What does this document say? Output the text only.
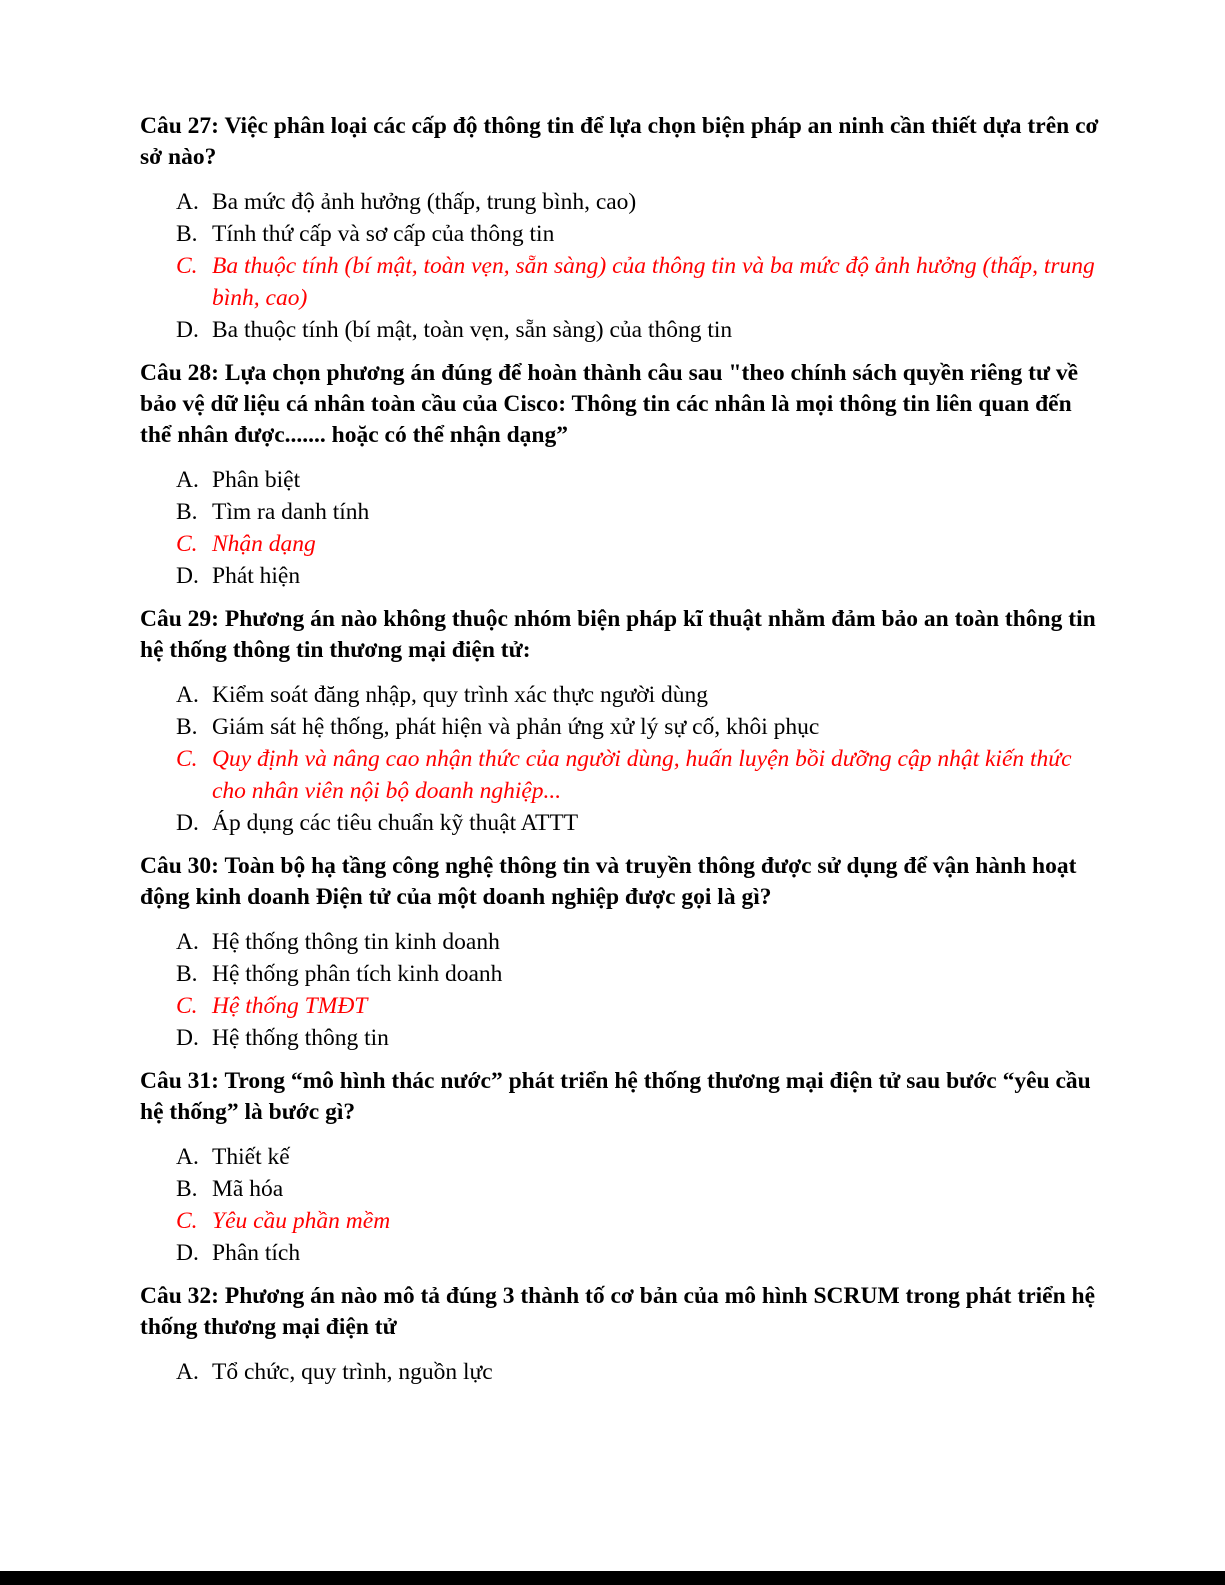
Câu 27: Việc phân loại các cấp độ thông tin để lựa chọn biện pháp an ninh cần thiết dựa trên cơ sở nào?

A. Ba mức độ ảnh hưởng (thấp, trung bình, cao)
B. Tính thứ cấp và sơ cấp của thông tin
C. Ba thuộc tính (bí mật, toàn vẹn, sẵn sàng) của thông tin và ba mức độ ảnh hưởng (thấp, trung bình, cao)
D. Ba thuộc tính (bí mật, toàn vẹn, sẵn sàng) của thông tin

Câu 28: Lựa chọn phương án đúng để hoàn thành câu sau "theo chính sách quyền riêng tư về bảo vệ dữ liệu cá nhân toàn cầu của Cisco: Thông tin các nhân là mọi thông tin liên quan đến thể nhân được....... hoặc có thể nhận dạng”

A. Phân biệt
B. Tìm ra danh tính
C. Nhận dạng
D. Phát hiện

Câu 29: Phương án nào không thuộc nhóm biện pháp kĩ thuật nhằm đảm bảo an toàn thông tin hệ thống thông tin thương mại điện tử:

A. Kiểm soát đăng nhập, quy trình xác thực người dùng
B. Giám sát hệ thống, phát hiện và phản ứng xử lý sự cố, khôi phục
C. Quy định và nâng cao nhận thức của người dùng, huấn luyện bồi dưỡng cập nhật kiến thức cho nhân viên nội bộ doanh nghiệp...
D. Áp dụng các tiêu chuẩn kỹ thuật ATTT

Câu 30: Toàn bộ hạ tầng công nghệ thông tin và truyền thông được sử dụng để vận hành hoạt động kinh doanh Điện tử của một doanh nghiệp được gọi là gì?

A. Hệ thống thông tin kinh doanh
B. Hệ thống phân tích kinh doanh
C. Hệ thống TMĐT
D. Hệ thống thông tin

Câu 31: Trong “mô hình thác nước” phát triển hệ thống thương mại điện tử sau bước “yêu cầu hệ thống” là bước gì?

A. Thiết kế
B. Mã hóa
C. Yêu cầu phần mềm
D. Phân tích

Câu 32: Phương án nào mô tả đúng 3 thành tố cơ bản của mô hình SCRUM trong phát triển hệ thống thương mại điện tử

A. Tổ chức, quy trình, nguồn lực
